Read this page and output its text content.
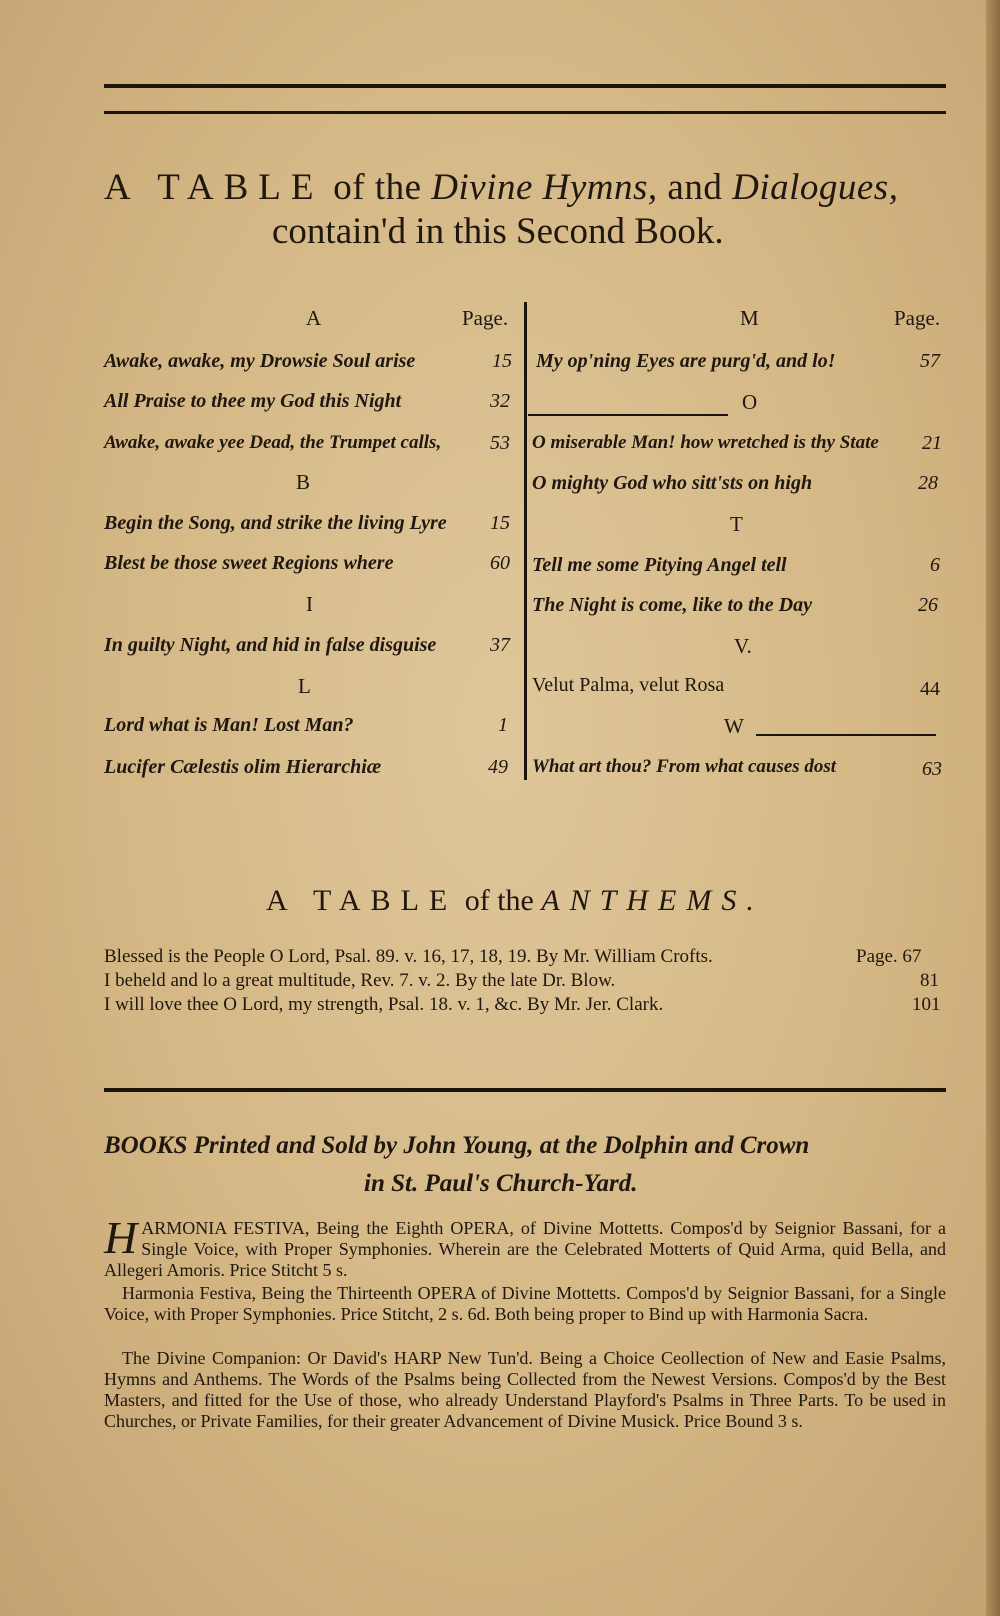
A TABLE of the Divine Hymns, and Dialogues,
contain'd in this Second Book.
A	Page.
Awake, awake, my Drowsie Soul arise	15
All Praise to thee my God this Night	32
Awake, awake yee Dead, the Trumpet calls, 53
B
Begin the Song, and strike the living Lyre 15
Blest be those sweet Regions where	60
I
In guilty Night, and hid in false disguise	37
L
Lord what is Man! Lost Man?	1
Lucifer Cælestis olim Hierarchiæ	49
M	Page.
My op'ning Eyes are purg'd, and lo!	57
O
O miserable Man! how wretched is thy State 21
O mighty God who sitt'sts on high	28
T
Tell me some Pitying Angel tell	6
The Night is come, like to the Day	26
V.
Velut Palma, velut Rosa	44
W
What art thou? From what causes dost	63
A TABLE of the ANTHEMS.
Blessed is the People O Lord, Psal. 89. v. 16, 17, 18, 19. By Mr. William Crofts.	Page. 67
I beheld and lo a great multitude, Rev. 7. v. 2. By the late Dr. Blow.	81
I will love thee O Lord, my strength, Psal. 18. v. 1, &c. By Mr. Jer. Clark.	101
BOOKS Printed and Sold by John Young, at the Dolphin and Crown
in St. Paul's Church-Yard.
H ARMONIA FESTIVA, Being the Eighth OPERA, of Divine Mottetts. Compos'd by Seignior Bassani, for a Single Voice, with Proper Symphonies. Wherein are the Celebrated Motterts of Quid Arma, quid Bella, and Allegeri Amoris. Price Stitcht 5 s.
Harmonia Festiva, Being the Thirteenth OPERA of Divine Mottetts. Compos'd by Seignior Bassani, for a Single Voice, with Proper Symphonies. Price Stitcht, 2 s. 6d. Both being proper to Bind up with Harmonia Sacra.
The Divine Companion: Or David's HARP New Tun'd. Being a Choice Ceollection of New and Easie Psalms, Hymns and Anthems. The Words of the Psalms being Collected from the Newest Versions. Compos'd by the Best Masters, and fitted for the Use of those, who already Understand Playford's Psalms in Three Parts. To be used in Churches, or Private Families, for their greater Advancement of Divine Musick. Price Bound 3 s.
